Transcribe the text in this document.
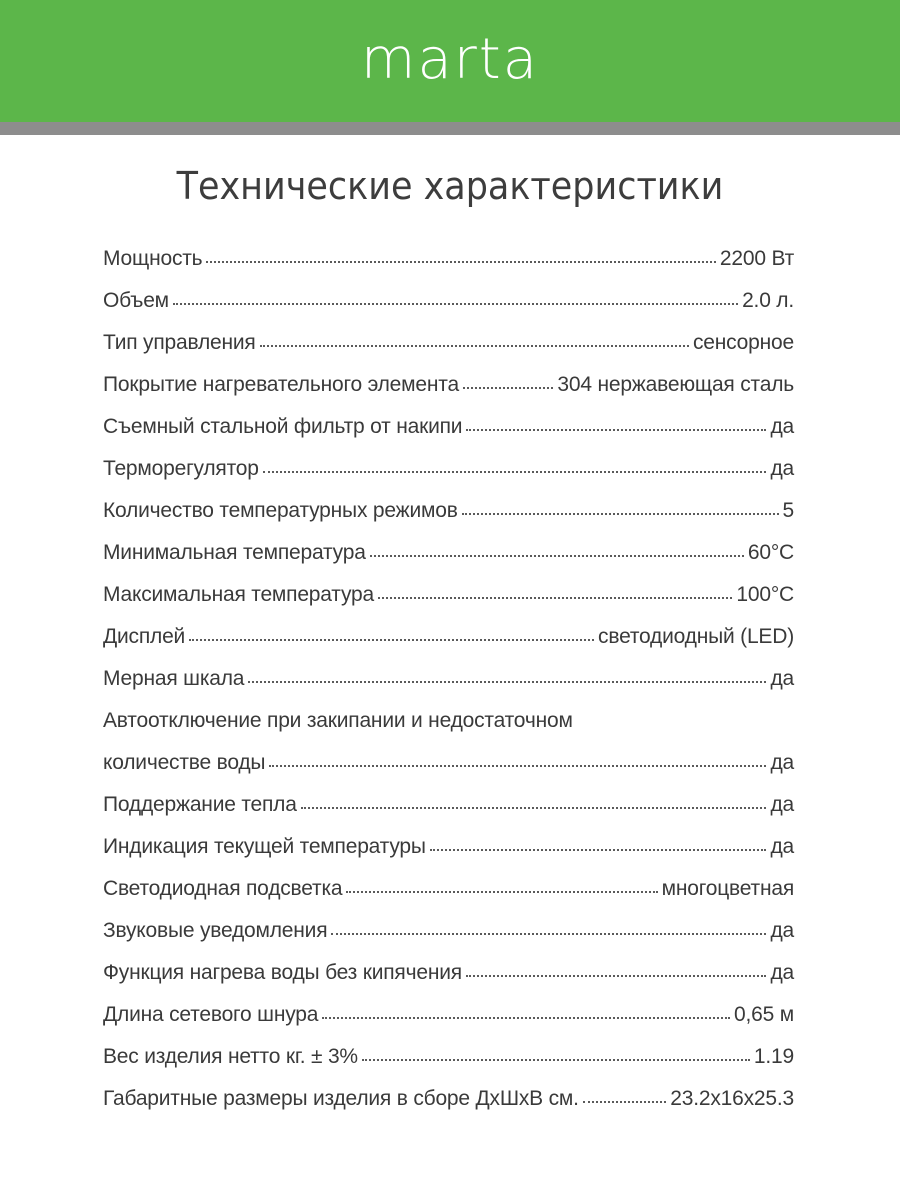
marta
Технические характеристики
Мощность	2200 Вт
Объем	2.0 л.
Тип управления	сенсорное
Покрытие нагревательного элемента	304 нержавеющая сталь
Съемный стальной фильтр от накипи	да
Терморегулятор	да
Количество температурных режимов	5
Минимальная температура	60°С
Максимальная температура	100°С
Дисплей	светодиодный (LED)
Мерная шкала	да
Автоотключение при закипании и недостаточном
количестве воды	да
Поддержание тепла	да
Индикация текущей температуры	да
Светодиодная подсветка	многоцветная
Звуковые уведомления	да
Функция нагрева воды без кипячения	да
Длина сетевого шнура	0,65 м
Вес изделия нетто кг. ± 3%	1.19
Габаритные размеры изделия в сборе ДхШхВ см.	23.2x16x25.3
